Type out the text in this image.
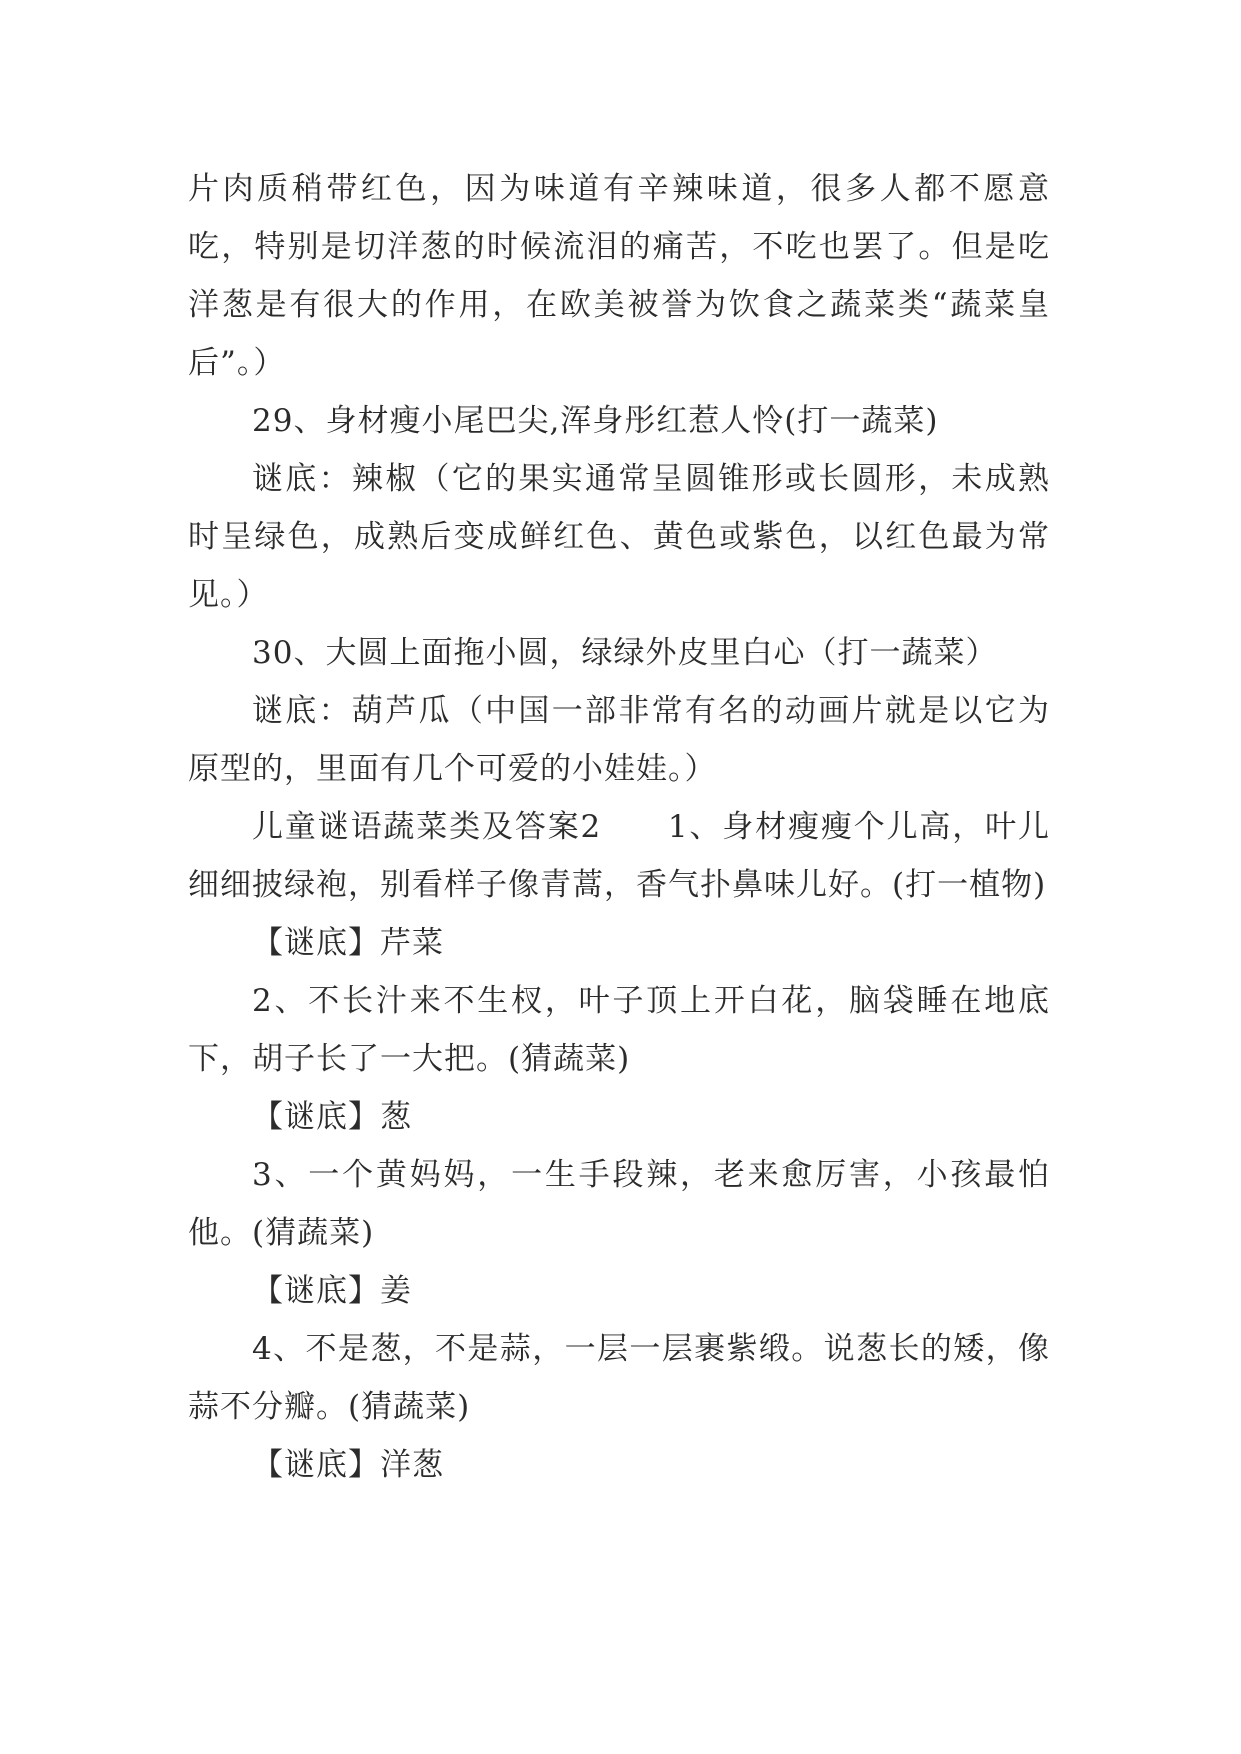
片肉质稍带红色，因为味道有辛辣味道，很多人都不愿意吃，特别是切洋葱的时候流泪的痛苦，不吃也罢了。但是吃洋葱是有很大的作用，在欧美被誉为饮食之蔬菜类“蔬菜皇后”。）

29、身材瘦小尾巴尖,浑身彤红惹人怜(打一蔬菜)

谜底：辣椒（它的果实通常呈圆锥形或长圆形，未成熟时呈绿色，成熟后变成鲜红色、黄色或紫色，以红色最为常见。）

30、大圆上面拖小圆，绿绿外皮里白心（打一蔬菜）

谜底：葫芦瓜（中国一部非常有名的动画片就是以它为原型的，里面有几个可爱的小娃娃。）

儿童谜语蔬菜类及答案2　　1、身材瘦瘦个儿高，叶儿细细披绿袍，别看样子像青蒿，香气扑鼻味儿好。(打一植物)

【谜底】芹菜

2、不长汁来不生杈，叶子顶上开白花，脑袋睡在地底下，胡子长了一大把。(猜蔬菜)

【谜底】葱

3、一个黄妈妈，一生手段辣，老来愈厉害，小孩最怕他。(猜蔬菜)

【谜底】姜

4、不是葱，不是蒜，一层一层裹紫缎。说葱长的矮，像蒜不分瓣。(猜蔬菜)

【谜底】洋葱
